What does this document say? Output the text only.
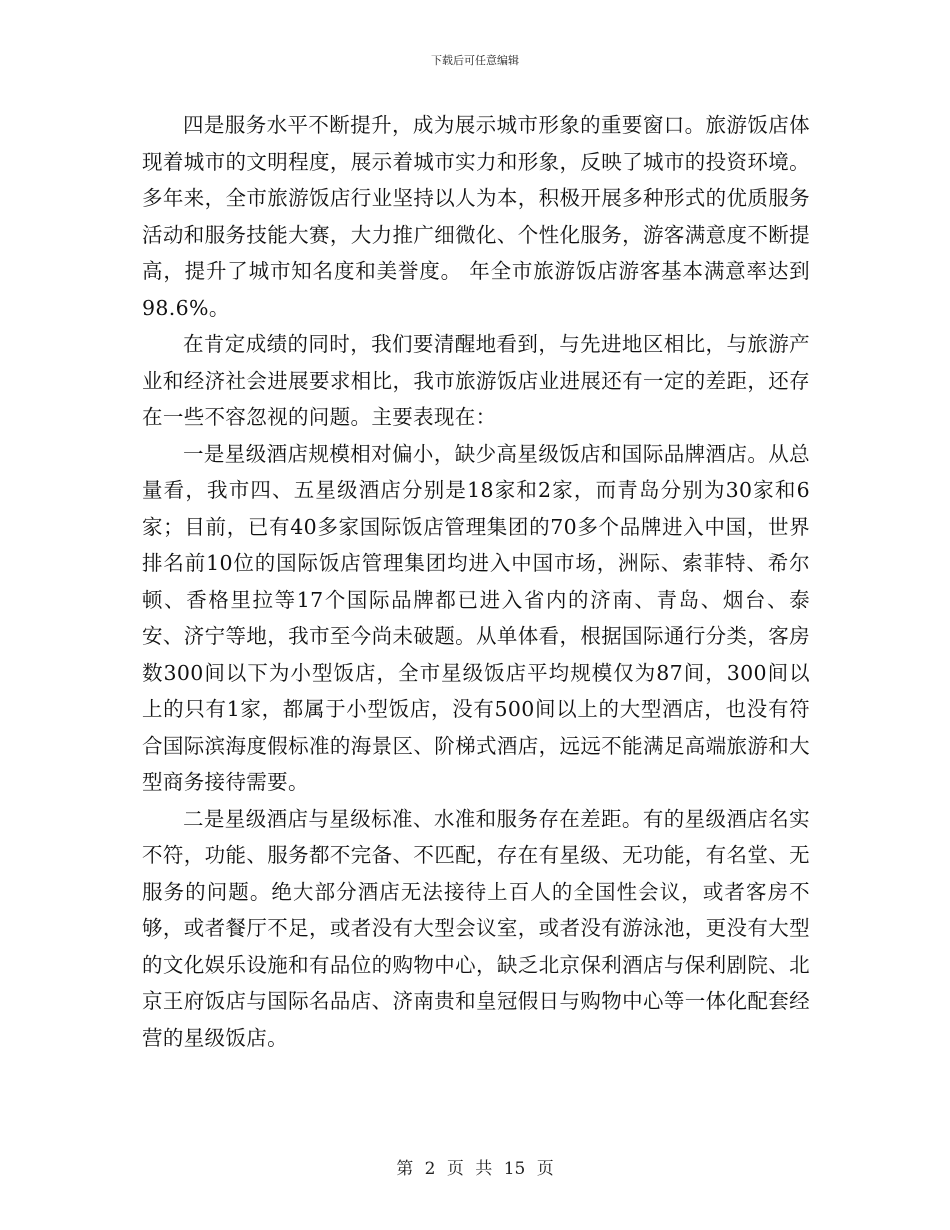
下载后可任意编辑

四是服务水平不断提升，成为展示城市形象的重要窗口。旅游饭店体现着城市的文明程度，展示着城市实力和形象，反映了城市的投资环境。多年来，全市旅游饭店行业坚持以人为本，积极开展多种形式的优质服务活动和服务技能大赛，大力推广细微化、个性化服务，游客满意度不断提高，提升了城市知名度和美誉度。 年全市旅游饭店游客基本满意率达到98.6%。

在肯定成绩的同时，我们要清醒地看到，与先进地区相比，与旅游产业和经济社会进展要求相比，我市旅游饭店业进展还有一定的差距，还存在一些不容忽视的问题。主要表现在：

一是星级酒店规模相对偏小，缺少高星级饭店和国际品牌酒店。从总量看，我市四、五星级酒店分别是18家和2家，而青岛分别为30家和6家；目前，已有40多家国际饭店管理集团的70多个品牌进入中国，世界排名前10位的国际饭店管理集团均进入中国市场，洲际、索菲特、希尔顿、香格里拉等17个国际品牌都已进入省内的济南、青岛、烟台、泰安、济宁等地，我市至今尚未破题。从单体看，根据国际通行分类，客房数300间以下为小型饭店，全市星级饭店平均规模仅为87间，300间以上的只有1家，都属于小型饭店，没有500间以上的大型酒店，也没有符合国际滨海度假标准的海景区、阶梯式酒店，远远不能满足高端旅游和大型商务接待需要。

二是星级酒店与星级标准、水准和服务存在差距。有的星级酒店名实不符，功能、服务都不完备、不匹配，存在有星级、无功能，有名堂、无服务的问题。绝大部分酒店无法接待上百人的全国性会议，或者客房不够，或者餐厅不足，或者没有大型会议室，或者没有游泳池，更没有大型的文化娱乐设施和有品位的购物中心，缺乏北京保利酒店与保利剧院、北京王府饭店与国际名品店、济南贵和皇冠假日与购物中心等一体化配套经营的星级饭店。

第 2 页 共 15 页
